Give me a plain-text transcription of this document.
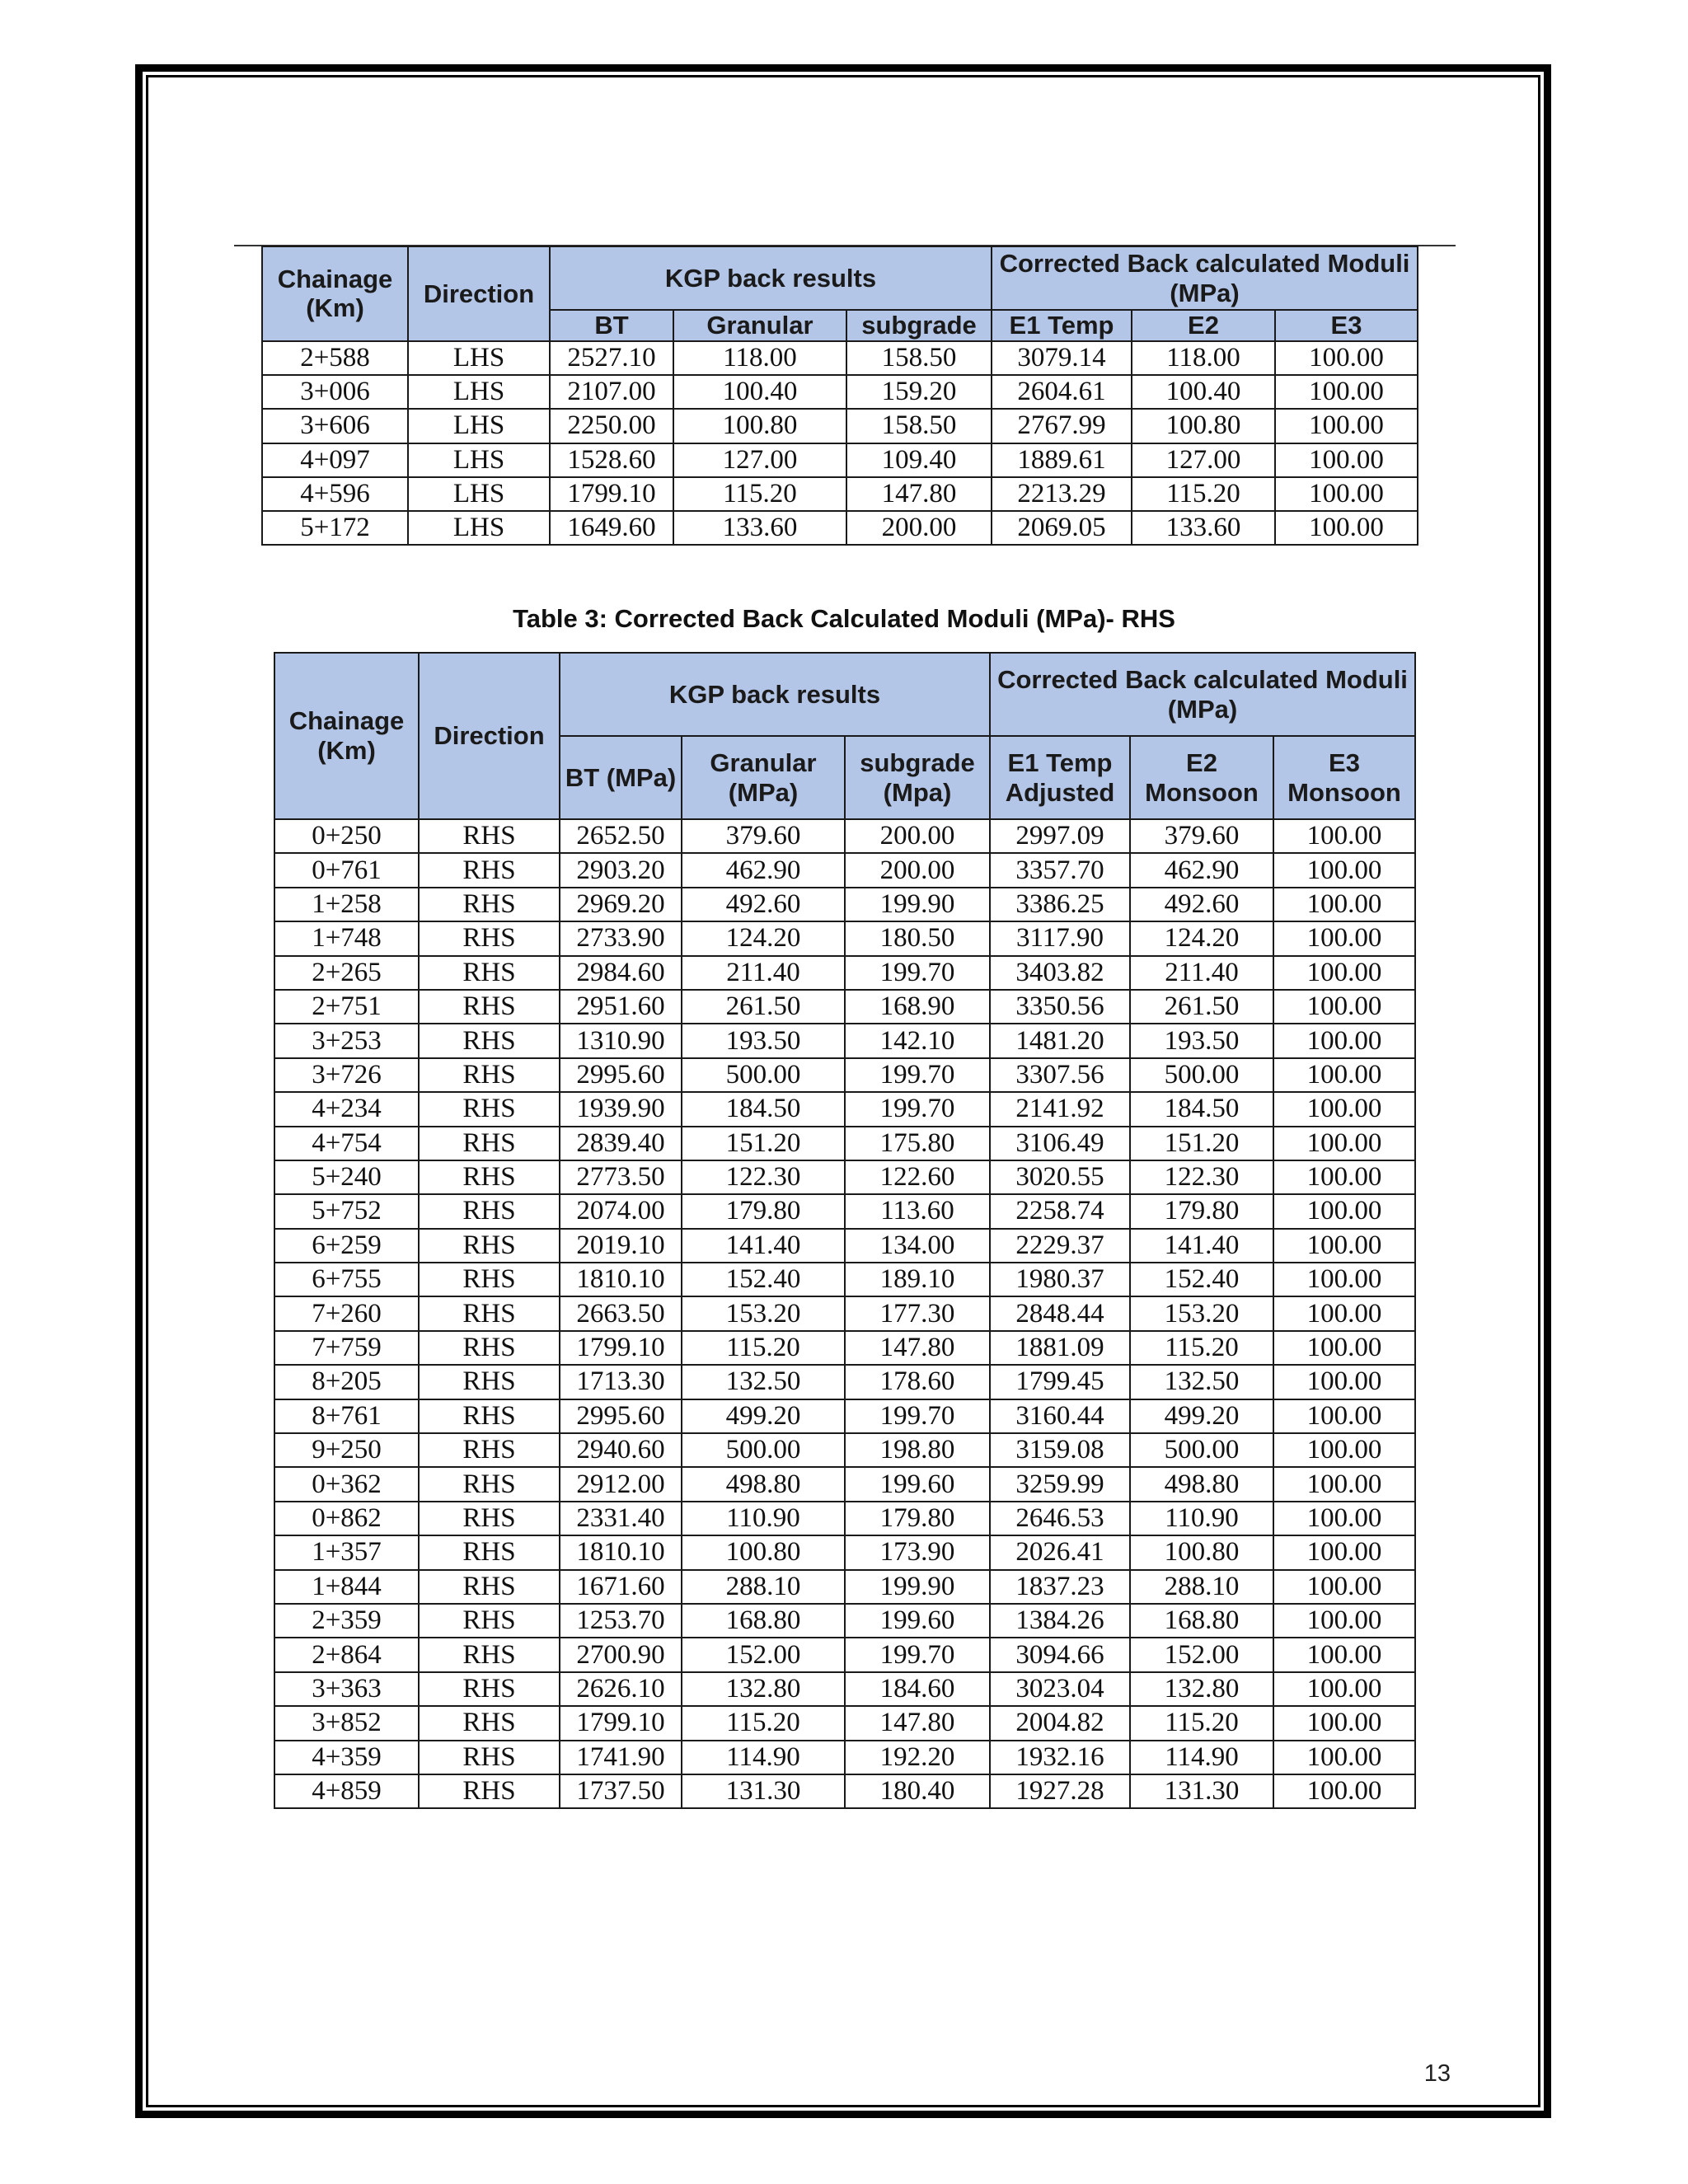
Chainage (Km)	Direction	KGP back results			Corrected Back calculated Moduli (MPa)		
		BT	Granular	subgrade	E1 Temp	E2	E3
2+588	LHS	2527.10	118.00	158.50	3079.14	118.00	100.00
3+006	LHS	2107.00	100.40	159.20	2604.61	100.40	100.00
3+606	LHS	2250.00	100.80	158.50	2767.99	100.80	100.00
4+097	LHS	1528.60	127.00	109.40	1889.61	127.00	100.00
4+596	LHS	1799.10	115.20	147.80	2213.29	115.20	100.00
5+172	LHS	1649.60	133.60	200.00	2069.05	133.60	100.00
Table 3: Corrected Back Calculated Moduli (MPa)- RHS
Chainage (Km)	Direction	KGP back results			Corrected Back calculated Moduli (MPa)		
		BT (MPa)	Granular (MPa)	subgrade (Mpa)	E1 Temp Adjusted	E2 Monsoon	E3 Monsoon
0+250	RHS	2652.50	379.60	200.00	2997.09	379.60	100.00
0+761	RHS	2903.20	462.90	200.00	3357.70	462.90	100.00
1+258	RHS	2969.20	492.60	199.90	3386.25	492.60	100.00
1+748	RHS	2733.90	124.20	180.50	3117.90	124.20	100.00
2+265	RHS	2984.60	211.40	199.70	3403.82	211.40	100.00
2+751	RHS	2951.60	261.50	168.90	3350.56	261.50	100.00
3+253	RHS	1310.90	193.50	142.10	1481.20	193.50	100.00
3+726	RHS	2995.60	500.00	199.70	3307.56	500.00	100.00
4+234	RHS	1939.90	184.50	199.70	2141.92	184.50	100.00
4+754	RHS	2839.40	151.20	175.80	3106.49	151.20	100.00
5+240	RHS	2773.50	122.30	122.60	3020.55	122.30	100.00
5+752	RHS	2074.00	179.80	113.60	2258.74	179.80	100.00
6+259	RHS	2019.10	141.40	134.00	2229.37	141.40	100.00
6+755	RHS	1810.10	152.40	189.10	1980.37	152.40	100.00
7+260	RHS	2663.50	153.20	177.30	2848.44	153.20	100.00
7+759	RHS	1799.10	115.20	147.80	1881.09	115.20	100.00
8+205	RHS	1713.30	132.50	178.60	1799.45	132.50	100.00
8+761	RHS	2995.60	499.20	199.70	3160.44	499.20	100.00
9+250	RHS	2940.60	500.00	198.80	3159.08	500.00	100.00
0+362	RHS	2912.00	498.80	199.60	3259.99	498.80	100.00
0+862	RHS	2331.40	110.90	179.80	2646.53	110.90	100.00
1+357	RHS	1810.10	100.80	173.90	2026.41	100.80	100.00
1+844	RHS	1671.60	288.10	199.90	1837.23	288.10	100.00
2+359	RHS	1253.70	168.80	199.60	1384.26	168.80	100.00
2+864	RHS	2700.90	152.00	199.70	3094.66	152.00	100.00
3+363	RHS	2626.10	132.80	184.60	3023.04	132.80	100.00
3+852	RHS	1799.10	115.20	147.80	2004.82	115.20	100.00
4+359	RHS	1741.90	114.90	192.20	1932.16	114.90	100.00
4+859	RHS	1737.50	131.30	180.40	1927.28	131.30	100.00
13
